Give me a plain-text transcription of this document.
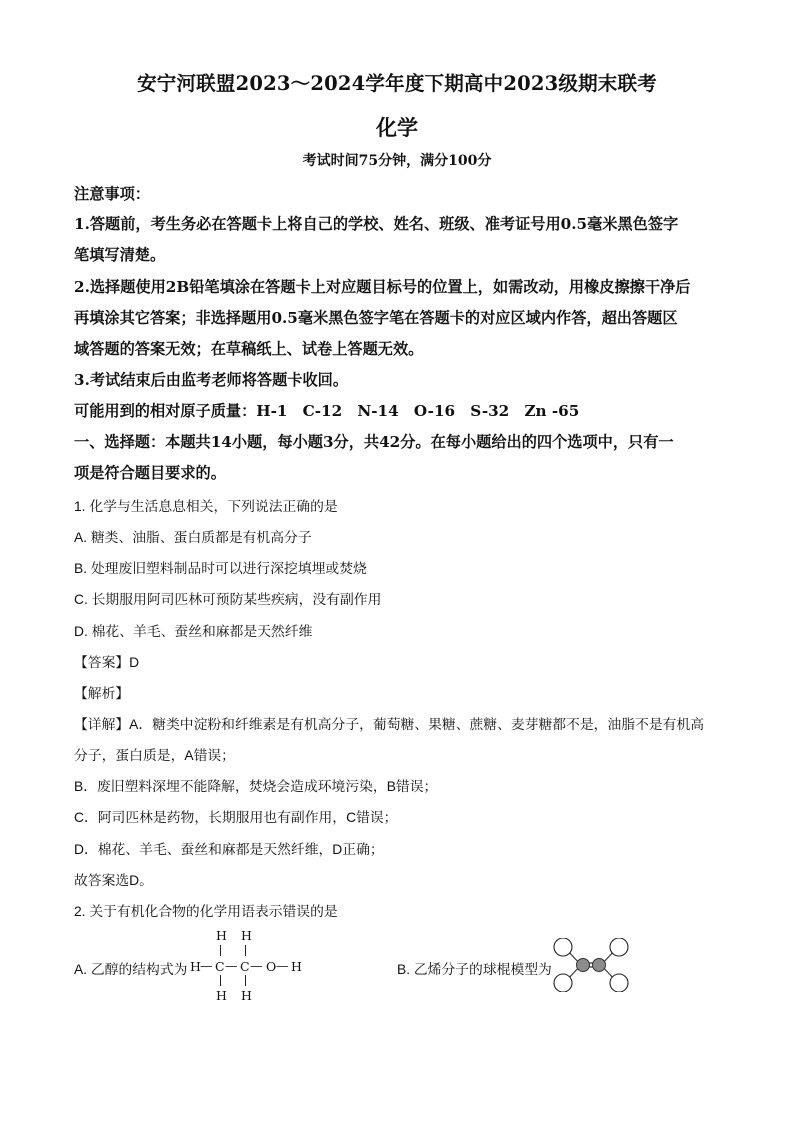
安宁河联盟2023～2024学年度下期高中2023级期末联考
化学
考试时间75分钟，满分100分
注意事项：
1.答题前，考生务必在答题卡上将自己的学校、姓名、班级、准考证号用0.5毫米黑色签字
笔填写清楚。
2.选择题使用2B铅笔填涂在答题卡上对应题目标号的位置上，如需改动，用橡皮擦擦干净后
再填涂其它答案；非选择题用0.5毫米黑色签字笔在答题卡的对应区域内作答，超出答题区
域答题的答案无效；在草稿纸上、试卷上答题无效。
3.考试结束后由监考老师将答题卡收回。
可能用到的相对原子质量：H-1　C-12　N-14　O-16　S-32　Zn -65
一、选择题：本题共14小题，每小题3分，共42分。在每小题给出的四个选项中，只有一
项是符合题目要求的。
1. 化学与生活息息相关，下列说法正确的是
A. 糖类、油脂、蛋白质都是有机高分子
B. 处理废旧塑料制品时可以进行深挖填埋或焚烧
C. 长期服用阿司匹林可预防某些疾病，没有副作用
D. 棉花、羊毛、蚕丝和麻都是天然纤维
【答案】D
【解析】
【详解】A．糖类中淀粉和纤维素是有机高分子，葡萄糖、果糖、蔗糖、麦芽糖都不是，油脂不是有机高
分子，蛋白质是，A错误；
B．废旧塑料深埋不能降解，焚烧会造成环境污染，B错误；
C．阿司匹林是药物，长期服用也有副作用，C错误；
D．棉花、羊毛、蚕丝和麻都是天然纤维，D正确；
故答案选D。
2. 关于有机化合物的化学用语表示错误的是
A. 乙醇的结构式为
H H
H — C — C — O — H
H H
B. 乙烯分子的球棍模型为
